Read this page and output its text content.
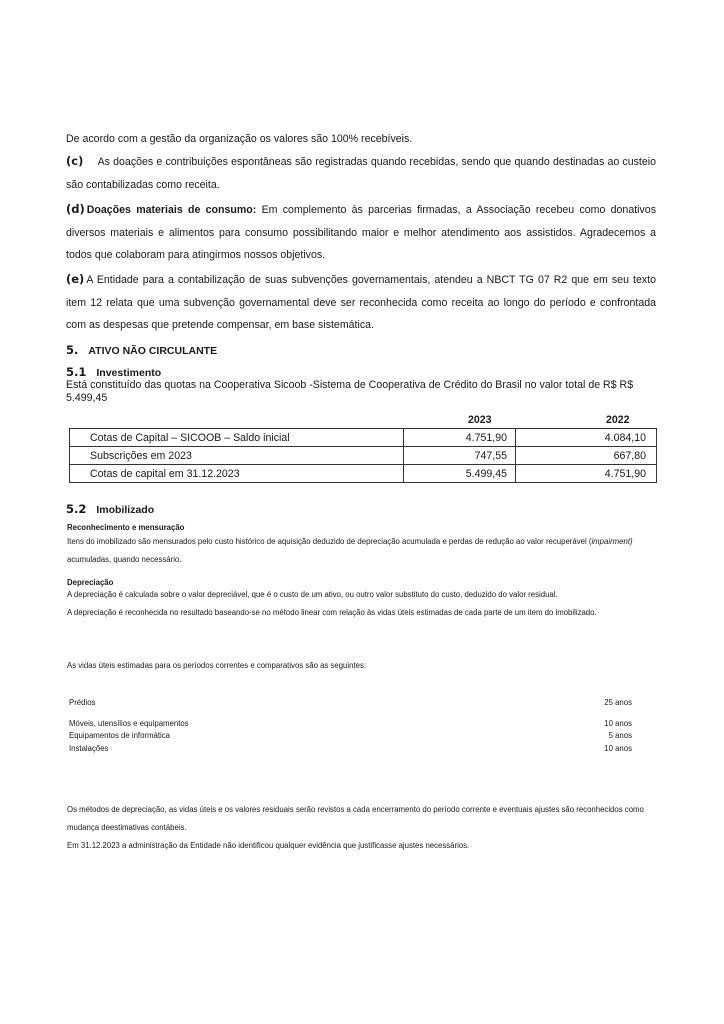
De acordo com a gestão da organização os valores são 100% recebíveis.
(c) As doações e contribuições espontâneas são registradas quando recebidas, sendo que quando destinadas ao custeio são contabilizadas como receita.
(d) Doações materiais de consumo: Em complemento às parcerias firmadas, a Associação recebeu como donativos diversos materiais e alimentos para consumo possibilitando maior e melhor atendimento aos assistidos. Agradecemos a todos que colaboram para atingirmos nossos objetivos.
(e) A Entidade para a contabilização de suas subvenções governamentais, atendeu a NBCT TG 07 R2 que em seu texto item 12 relata que uma subvenção governamental deve ser reconhecida como receita ao longo do período e confrontada com as despesas que pretende compensar, em base sistemática.
5. ATIVO NÃO CIRCULANTE
5.1 Investimento
Está constituído das quotas na Cooperativa Sicoob -Sistema de Cooperativa de Crédito do Brasil no valor total de R$ R$ 5.499,45
2023	2022
Cotas de Capital – SICOOB – Saldo inicial	4.751,90	4.084,10
Subscrições em 2023	747,55	667,80
Cotas de capital em 31.12.2023	5.499,45	4.751,90
5.2 Imobilizado
Reconhecimento e mensuração
Itens do imobilizado são mensurados pelo custo histórico de aquisição deduzido de depreciação acumulada e perdas de redução ao valor recuperável (impairment) acumuladas, quando necessário.
Depreciação
A depreciação é calculada sobre o valor depreciável, que é o custo de um ativo, ou outro valor substituto do custo, deduzido do valor residual.
A depreciação é reconhecida no resultado baseando-se no método linear com relação às vidas úteis estimadas de cada parte de um item do imobilizado.
As vidas úteis estimadas para os períodos correntes e comparativos são as seguintes:
Prédios	25 anos
Móveis, utensílios e equipamentos	10 anos
Equipamentos de informática	5 anos
Instalações	10 anos
Os métodos de depreciação, as vidas úteis e os valores residuais serão revistos a cada encerramento do período corrente e eventuais ajustes são reconhecidos como mudança deestimativas contábeis.
Em 31.12.2023 a administração da Entidade não identificou qualquer evidência que justificasse ajustes necessários.
